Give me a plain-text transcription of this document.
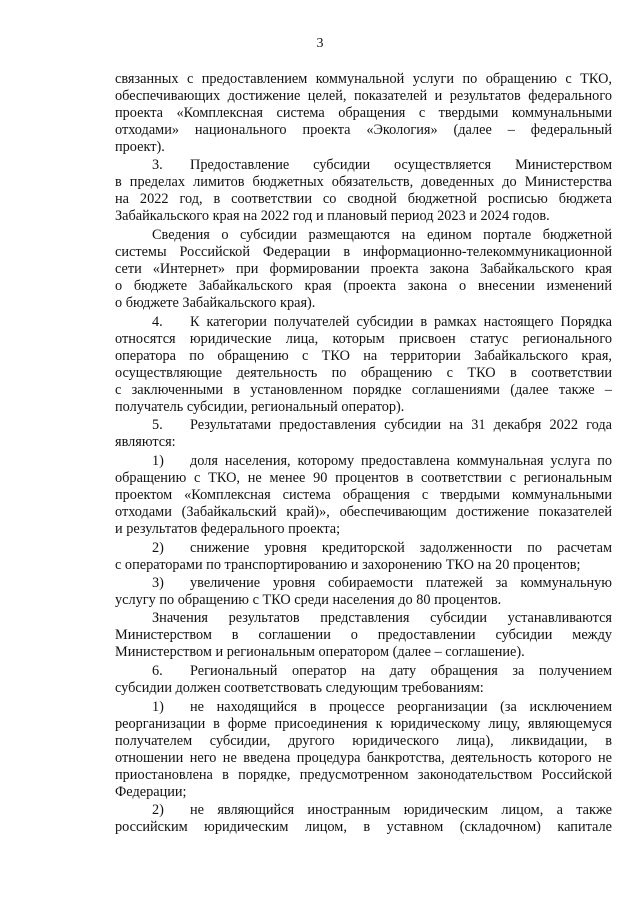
3
связанных с предоставлением коммунальной услуги по обращению с ТКО,
обеспечивающих достижение целей, показателей и результатов федерального
проекта «Комплексная система обращения с твердыми коммунальными
отходами» национального проекта «Экология» (далее – федеральный
проект).
3. Предоставление субсидии осуществляется Министерством
в пределах лимитов бюджетных обязательств, доведенных до Министерства
на 2022 год, в соответствии со сводной бюджетной росписью бюджета
Забайкальского края на 2022 год и плановый период 2023 и 2024 годов.
Сведения о субсидии размещаются на едином портале бюджетной
системы Российской Федерации в информационно-телекоммуникационной
сети «Интернет» при формировании проекта закона Забайкальского края
о бюджете Забайкальского края (проекта закона о внесении изменений
о бюджете Забайкальского края).
4. К категории получателей субсидии в рамках настоящего Порядка
относятся юридические лица, которым присвоен статус регионального
оператора по обращению с ТКО на территории Забайкальского края,
осуществляющие деятельность по обращению с ТКО в соответствии
с заключенными в установленном порядке соглашениями (далее также –
получатель субсидии, региональный оператор).
5. Результатами предоставления субсидии на 31 декабря 2022 года
являются:
1) доля населения, которому предоставлена коммунальная услуга по
обращению с ТКО, не менее 90 процентов в соответствии с региональным
проектом «Комплексная система обращения с твердыми коммунальными
отходами (Забайкальский край)», обеспечивающим достижение показателей
и результатов федерального проекта;
2) снижение уровня кредиторской задолженности по расчетам
с операторами по транспортированию и захоронению ТКО на 20 процентов;
3) увеличение уровня собираемости платежей за коммунальную
услугу по обращению с ТКО среди населения до 80 процентов.
Значения результатов представления субсидии устанавливаются
Министерством в соглашении о предоставлении субсидии между
Министерством и региональным оператором (далее – соглашение).
6. Региональный оператор на дату обращения за получением
субсидии должен соответствовать следующим требованиям:
1) не находящийся в процессе реорганизации (за исключением
реорганизации в форме присоединения к юридическому лицу, являющемуся
получателем субсидии, другого юридического лица), ликвидации, в
отношении него не введена процедура банкротства, деятельность которого не
приостановлена в порядке, предусмотренном законодательством Российской
Федерации;
2) не являющийся иностранным юридическим лицом, а также
российским юридическим лицом, в уставном (складочном) капитале
